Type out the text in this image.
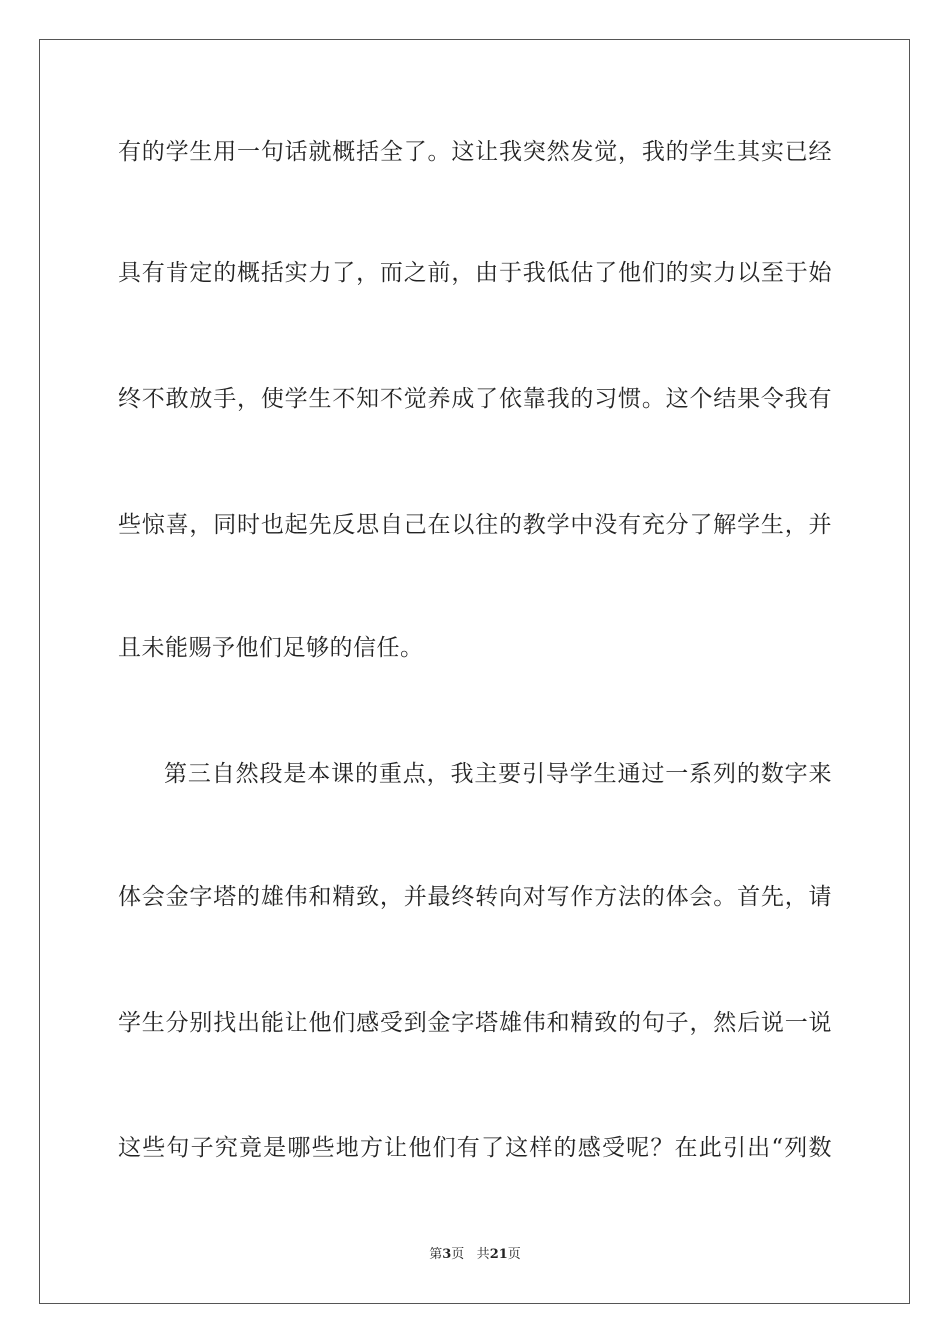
有的学生用一句话就概括全了。这让我突然发觉，我的学生其实已经
具有肯定的概括实力了，而之前，由于我低估了他们的实力以至于始
终不敢放手，使学生不知不觉养成了依靠我的习惯。这个结果令我有
些惊喜，同时也起先反思自己在以往的教学中没有充分了解学生，并
且未能赐予他们足够的信任。
第三自然段是本课的重点，我主要引导学生通过一系列的数字来
体会金字塔的雄伟和精致，并最终转向对写作方法的体会。首先，请
学生分别找出能让他们感受到金字塔雄伟和精致的句子，然后说一说
这些句子究竟是哪些地方让他们有了这样的感受呢？在此引出“列数
第3页 共21页
